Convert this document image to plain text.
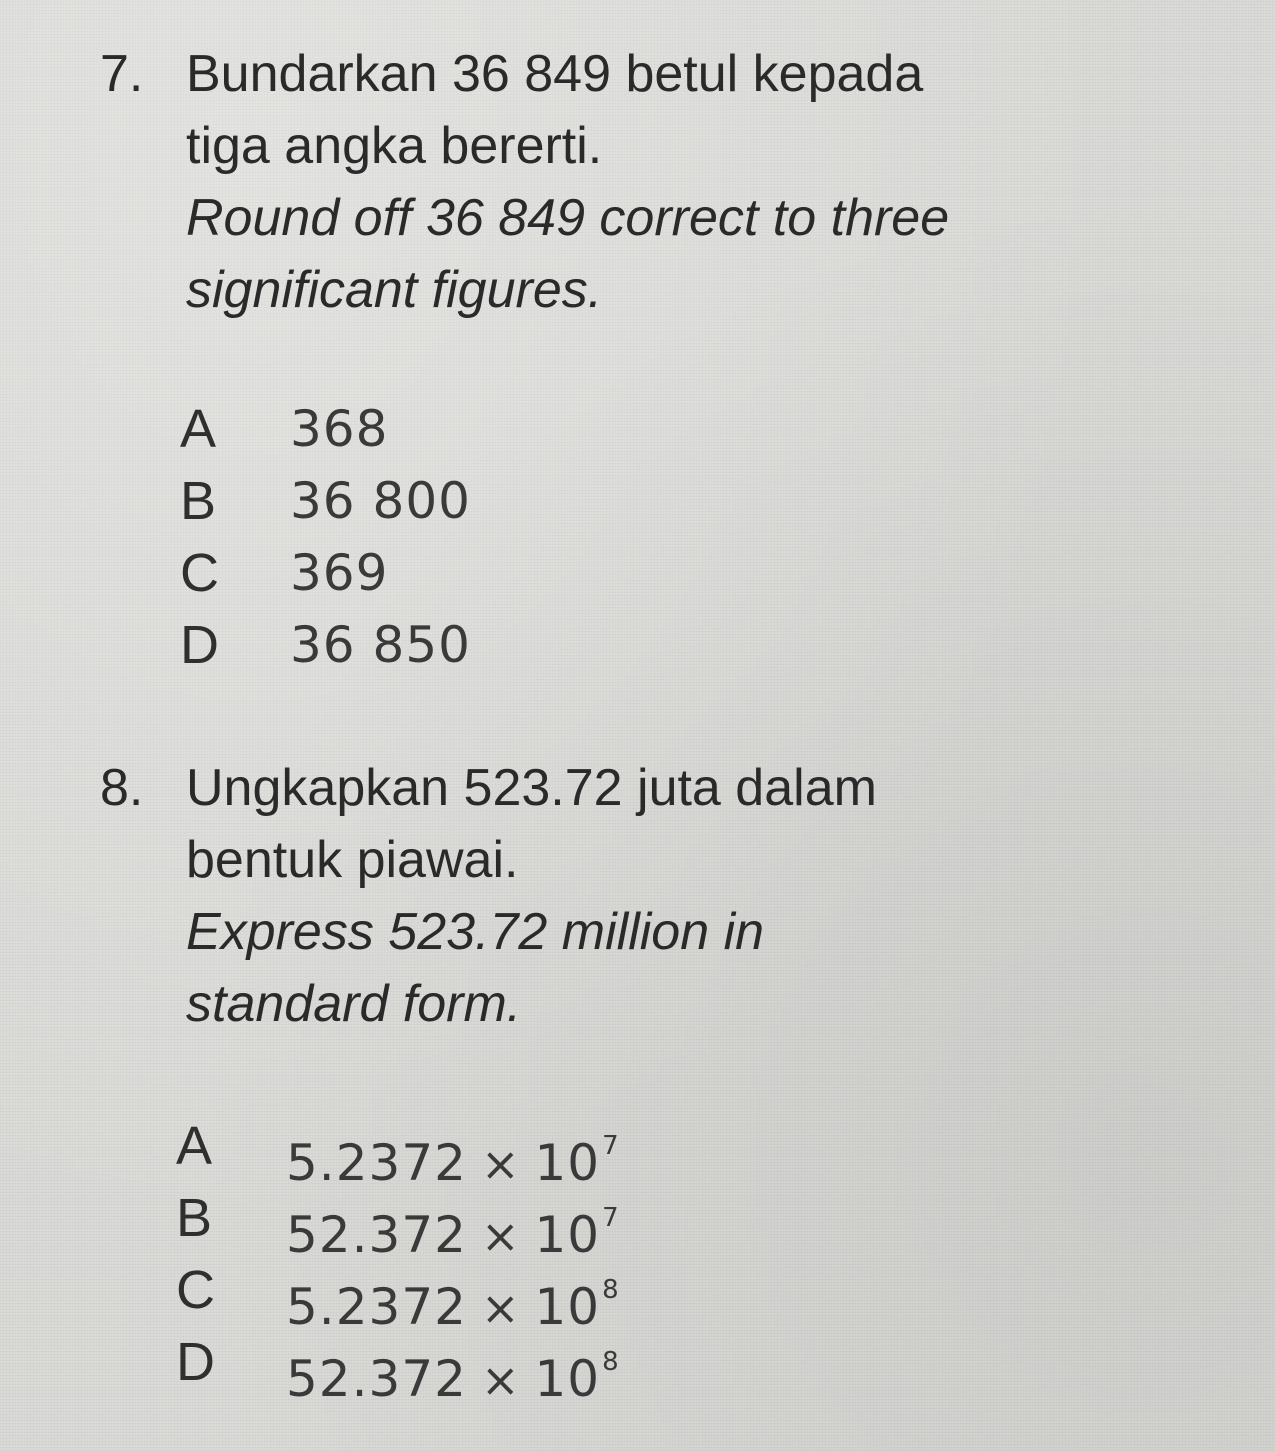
7. Bundarkan 36 849 betul kepada
tiga angka bererti.
Round off 36 849 correct to three
significant figures.
A	368
B	36 800
C	369
D	36 850
8. Ungkapkan 523.72 juta dalam
bentuk piawai.
Express 523.72 million in
standard form.
A	$5.2372 \times 10^7$
B	$52.372 \times 10^7$
C	$5.2372 \times 10^8$
D	$52.372 \times 10^8$
